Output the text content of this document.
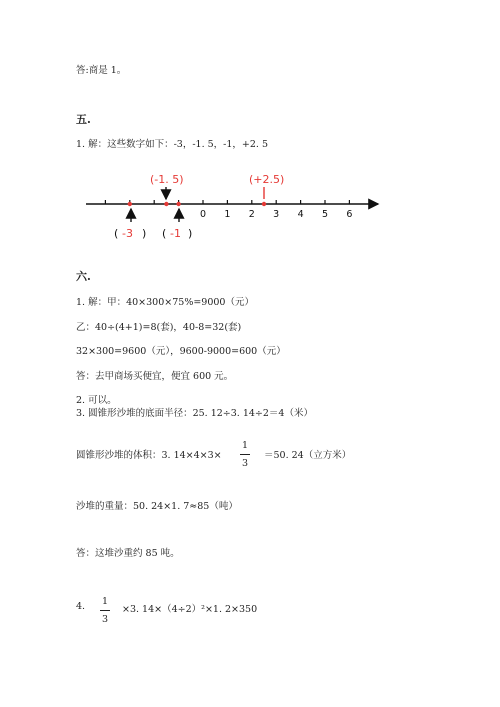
答:商是 1。
五.
1. 解：这些数字如下：-3，-1. 5，-1，+2. 5
0 1 2 3 4 5 6
(-1. 5)	(+2.5)
( -3 ) ( -1 )
六.
1. 解：甲：40×300×75%=9000（元）
乙：40÷(4+1)=8(套)，40-8=32(套)
32×300=9600（元），9600-9000=600（元）
答：去甲商场买便宜，便宜 600 元。
2. 可以。
3. 圆锥形沙堆的底面半径：25. 12÷3. 14÷2＝4（米）
圆锥形沙堆的体积：3. 14×4×3×
1
3
＝50. 24（立方米）
沙堆的重量：50. 24×1. 7≈85（吨）
答：这堆沙重约 85 吨。
4. 1
3
×3. 14×（4÷2）²×1. 2×350
